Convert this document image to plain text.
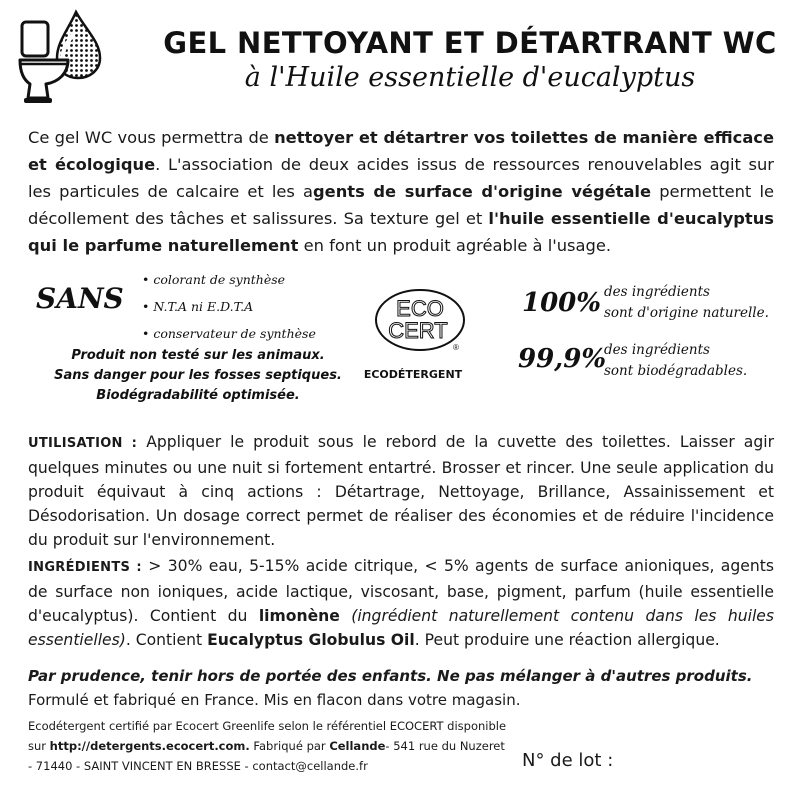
GEL NETTOYANT ET DÉTARTRANT WC
à l'Huile essentielle d'eucalyptus

Ce gel WC vous permettra de nettoyer et détartrer vos toilettes de manière efficace et écologique. L'association de deux acides issus de ressources renouvelables agit sur les particules de calcaire et les agents de surface d'origine végétale permettent le décollement des tâches et salissures. Sa texture gel et l'huile essentielle d'eucalyptus qui le parfume naturellement en font un produit agréable à l'usage.

SANS
• colorant de synthèse
• N.T.A ni E.D.T.A
• conservateur de synthèse
Produit non testé sur les animaux.
Sans danger pour les fosses septiques.
Biodégradabilité optimisée.
ECO
CERT
®
ECODÉTERGENT
100% des ingrédients
sont d'origine naturelle.
99,9%
des ingrédients
sont biodégradables.

UTILISATION : Appliquer le produit sous le rebord de la cuvette des toilettes. Laisser agir quelques minutes ou une nuit si fortement entartré. Brosser et rincer. Une seule application du produit équivaut à cinq actions : Détartrage, Nettoyage, Brillance, Assainissement et Désodorisation. Un dosage correct permet de réaliser des économies et de réduire l'incidence du produit sur l'environnement.

INGRÉDIENTS : > 30% eau, 5-15% acide citrique, < 5% agents de surface anioniques, agents de surface non ioniques, acide lactique, viscosant, base, pigment, parfum (huile essentielle d'eucalyptus). Contient du limonène (ingrédient naturellement contenu dans les huiles essentielles). Contient Eucalyptus Globulus Oil. Peut produire une réaction allergique.

Par prudence, tenir hors de portée des enfants. Ne pas mélanger à d'autres produits.
Formulé et fabriqué en France. Mis en flacon dans votre magasin.

Ecodétergent certifié par Ecocert Greenlife selon le référentiel ECOCERT disponible sur http://detergents.ecocert.com. Fabriqué par Cellande- 541 rue du Nuzeret - 71440 - SAINT VINCENT EN BRESSE - contact@cellande.fr	N° de lot :
